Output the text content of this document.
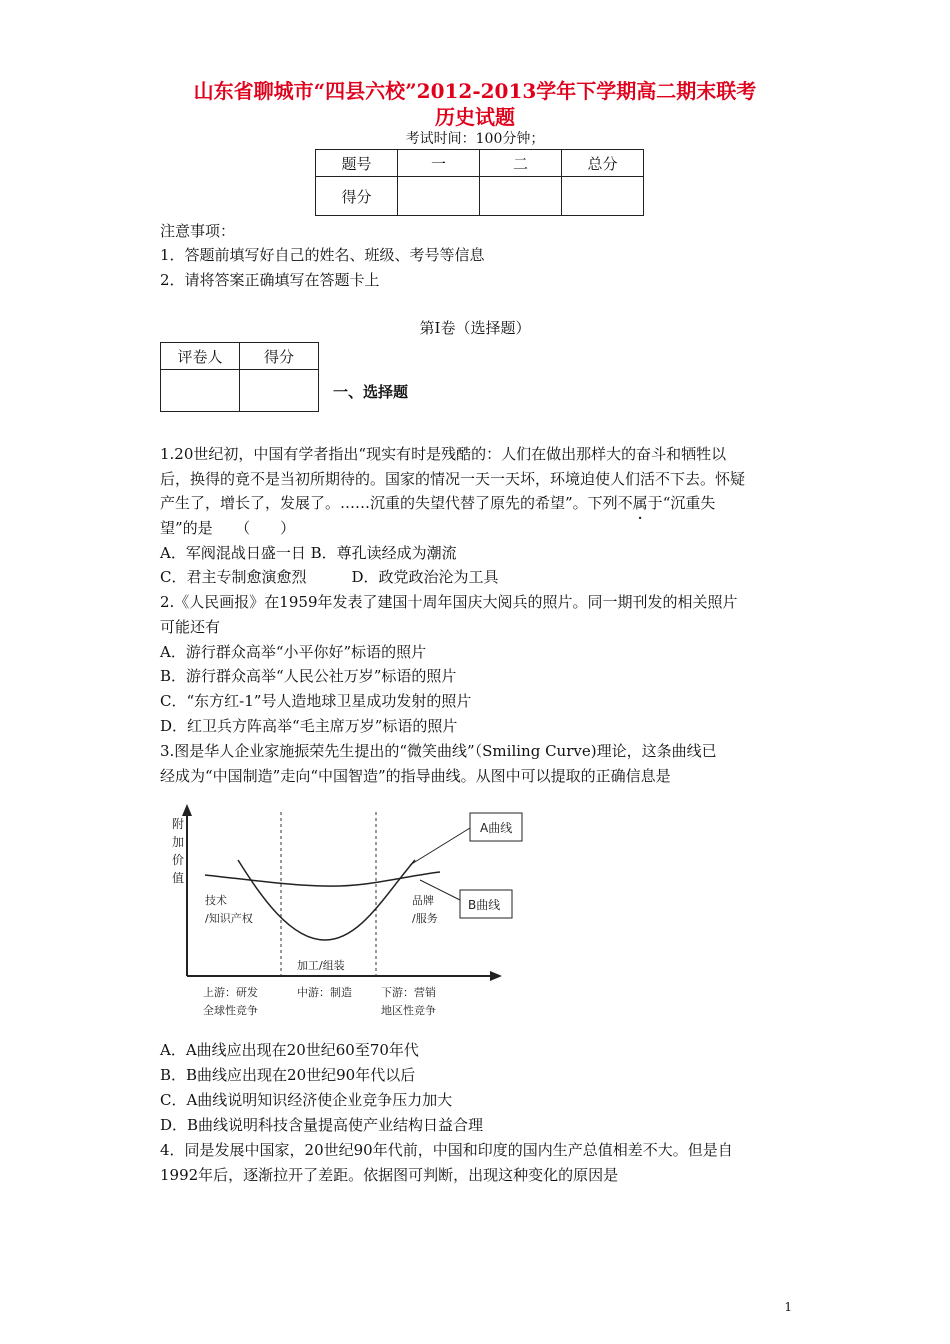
山东省聊城市“四县六校”2012-2013学年下学期高二期末联考
历史试题
考试时间：100分钟；
题号	一	二	总分
得分			
注意事项：
1．答题前填写好自己的姓名、班级、考号等信息
2．请将答案正确填写在答题卡上
第Ⅰ卷（选择题）
评卷人	得分

一、选择题
1.20世纪初，中国有学者指出“现实有时是残酷的：人们在做出那样大的奋斗和牺牲以
后，换得的竟不是当初所期待的。国家的情况一天一天坏，环境迫使人们活不下去。怀疑
产生了，增长了，发展了。……沉重的失望代替了原先的希望”。下列不属于“沉重失
望”的是　　（　　）
A．军阀混战日盛一日 B．尊孔读经成为潮流
C．君主专制愈演愈烈　　　D．政党政治沦为工具
2.《人民画报》在1959年发表了建国十周年国庆大阅兵的照片。同一期刊发的相关照片
可能还有
A．游行群众高举“小平你好”标语的照片
B．游行群众高举“人民公社万岁”标语的照片
C．“东方红-1”号人造地球卫星成功发射的照片
D．红卫兵方阵高举“毛主席万岁”标语的照片
3.图是华人企业家施振荣先生提出的“微笑曲线”（Smiling Curve)理论，这条曲线已
经成为“中国制造”走向“中国智造”的指导曲线。从图中可以提取的正确信息是
A曲线
B曲线
附
加
价
值
技术
/知识产权
品牌
/服务
加工/组装
上游：研发
全球性竞争
中游：制造	下游：营销
地区性竞争
A．A曲线应出现在20世纪60至70年代
B．B曲线应出现在20世纪90年代以后
C．A曲线说明知识经济使企业竞争压力加大
D．B曲线说明科技含量提高使产业结构日益合理
4．同是发展中国家，20世纪90年代前，中国和印度的国内生产总值相差不大。但是自
1992年后，逐渐拉开了差距。依据图可判断，出现这种变化的原因是
1
